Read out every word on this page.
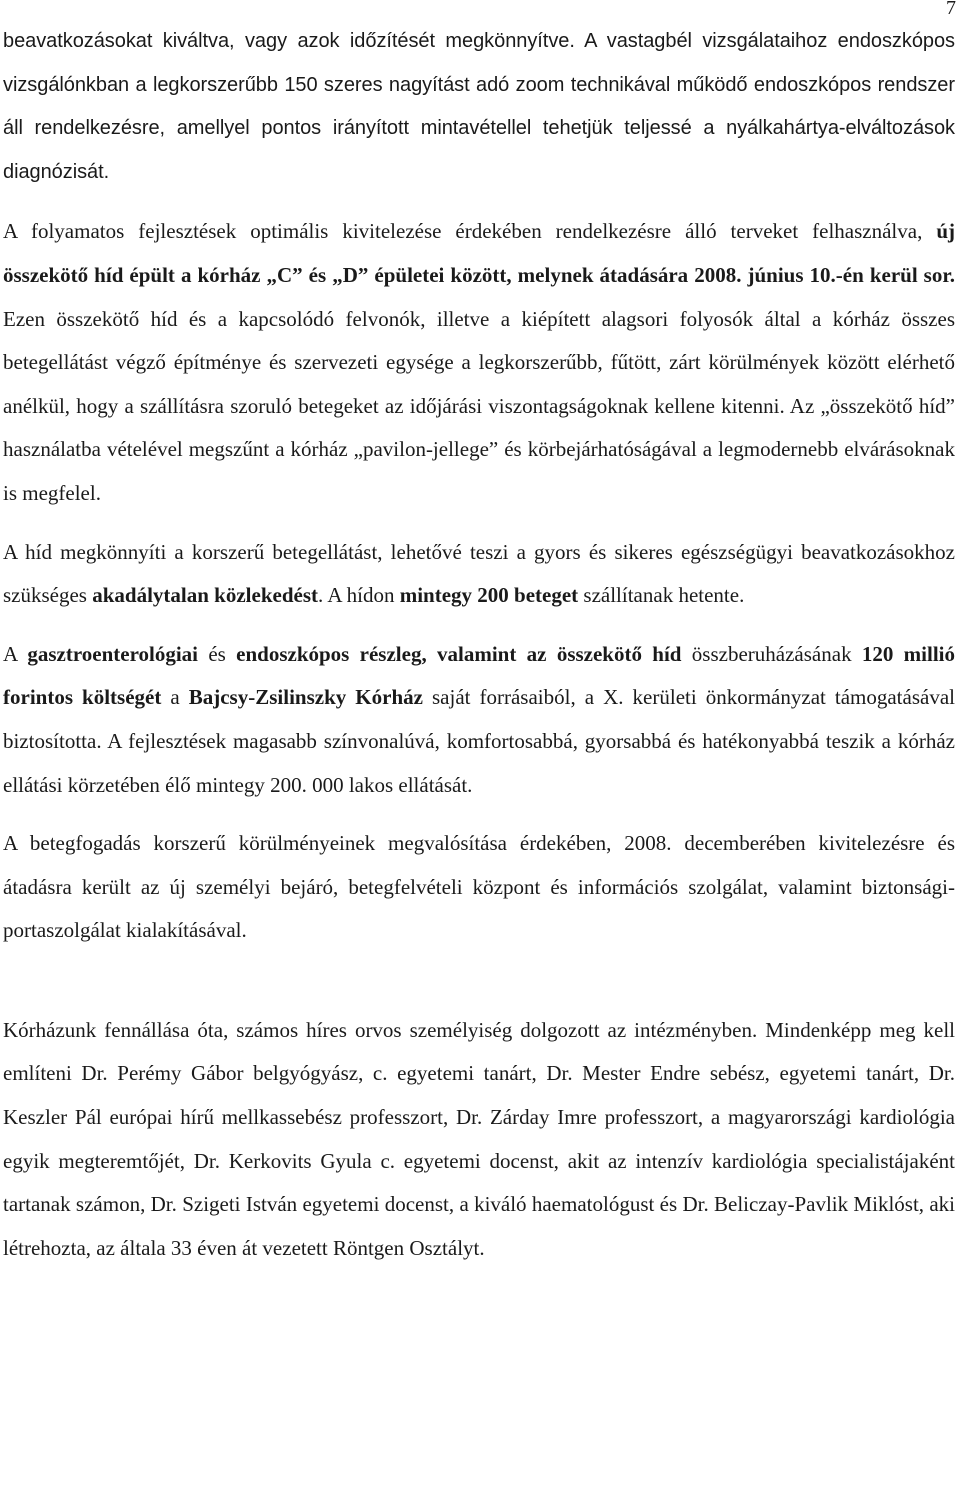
7

beavatkozásokat kiváltva, vagy azok időzítését megkönnyítve. A vastagbél vizsgálataihoz endoszkópos vizsgálónkban a legkorszerűbb 150 szeres nagyítást adó zoom technikával működő endoszkópos rendszer áll rendelkezésre, amellyel pontos irányított mintavétellel tehetjük teljessé a nyálkahártya-elváltozások diagnózisát.

A folyamatos fejlesztések optimális kivitelezése érdekében rendelkezésre álló terveket felhasználva, új összekötő híd épült a kórház „C” és „D” épületei között, melynek átadására 2008. június 10.-én kerül sor. Ezen összekötő híd és a kapcsolódó felvonók, illetve a kiépített alagsori folyosók által a kórház összes betegellátást végző építménye és szervezeti egysége a legkorszerűbb, fűtött, zárt körülmények között elérhető anélkül, hogy a szállításra szoruló betegeket az időjárási viszontagságoknak kellene kitenni. Az „összekötő híd” használatba vételével megszűnt a kórház „pavilon-jellege” és körbejárhatóságával a legmodernebb elvárásoknak is megfelel.

A híd megkönnyíti a korszerű betegellátást, lehetővé teszi a gyors és sikeres egészségügyi beavatkozásokhoz szükséges akadálytalan közlekedést. A hídon mintegy 200 beteget szállítanak hetente.

A gasztroenterológiai és endoszkópos részleg, valamint az összekötő híd összberuházásának 120 millió forintos költségét a Bajcsy-Zsilinszky Kórház saját forrásaiból, a X. kerületi önkormányzat támogatásával biztosította. A fejlesztések magasabb színvonalúvá, komfortosabbá, gyorsabbá és hatékonyabbá teszik a kórház ellátási körzetében élő mintegy 200. 000 lakos ellátását.

A betegfogadás korszerű körülményeinek megvalósítása érdekében, 2008. decemberében kivitelezésre és átadásra került az új személyi bejáró, betegfelvételi központ és információs szolgálat, valamint biztonsági- portaszolgálat kialakításával.

Kórházunk fennállása óta, számos híres orvos személyiség dolgozott az intézményben. Mindenképp meg kell említeni Dr. Perémy Gábor belgyógyász, c. egyetemi tanárt, Dr. Mester Endre sebész, egyetemi tanárt, Dr. Keszler Pál európai hírű mellkassebész professzort, Dr. Zárday Imre professzort, a magyarországi kardiológia egyik megteremtőjét, Dr. Kerkovits Gyula c. egyetemi docenst, akit az intenzív kardiológia specialistájaként tartanak számon, Dr. Szigeti István egyetemi docenst, a kiváló haematológust és Dr. Beliczay-Pavlik Miklóst, aki létrehozta, az általa 33 éven át vezetett Röntgen Osztályt.
